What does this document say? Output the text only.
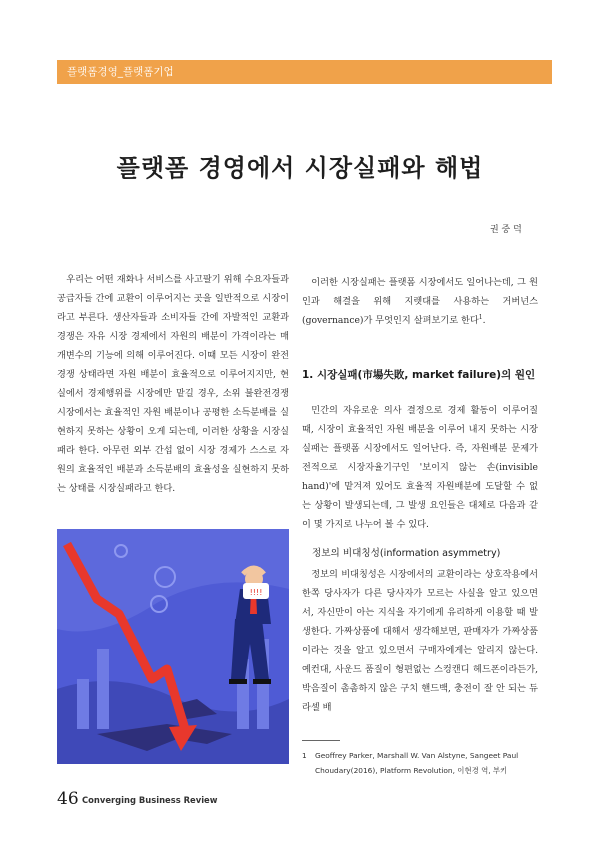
플랫폼경영_플랫폼기업
플랫폼 경영에서 시장실패와 해법
권 중 덕

우리는 어떤 재화나 서비스를 사고팔기 위해 수요자들과 공급자들 간에 교환이 이루어지는 곳을 일반적으로 시장이라고 부른다. 생산자들과 소비자들 간에 자발적인 교환과 경쟁은 자유 시장 경제에서 자원의 배분이 가격이라는 매개변수의 기능에 의해 이루어진다. 이때 모든 시장이 완전경쟁 상태라면 자원 배분이 효율적으로 이루어지지만, 현실에서 경제행위를 시장에만 맡길 경우, 소위 불완전경쟁 시장에서는 효율적인 자원 배분이나 공평한 소득분배를 실현하지 못하는 상황이 오게 되는데, 이러한 상황을 시장실패라 한다. 아무런 외부 간섭 없이 시장 경제가 스스로 자원의 효율적인 배분과 소득분배의 효율성을 실현하지 못하는 상태를 시장실패라고 한다.

이러한 시장실패는 플랫폼 시장에서도 일어나는데, 그 원인과 해결을 위해 지렛대를 사용하는 거버넌스(governance)가 무엇인지 살펴보기로 한다$^1$.

1. 시장실패(市場失敗, market failure)의 원인

민간의 자유로운 의사 결정으로 경제 활동이 이루어질 때, 시장이 효율적인 자원 배분을 이루어 내지 못하는 시장실패는 플랫폼 시장에서도 일어난다. 즉, 자원배분 문제가 전적으로 시장자율기구인 '보이지 않는 손(invisible hand)'에 맡겨져 있어도 효율적 자원배분에 도달할 수 없는 상황이 발생되는데, 그 발생 요인들은 대체로 다음과 같이 몇 가지로 나누어 볼 수 있다.

정보의 비대칭성(information asymmetry)

정보의 비대칭성은 시장에서의 교환이라는 상호작용에서 한쪽 당사자가 다른 당사자가 모르는 사실을 알고 있으면서, 자신만이 아는 지식을 자기에게 유리하게 이용할 때 발생한다. 가짜상품에 대해서 생각해보면, 판매자가 가짜상품이라는 것을 알고 있으면서 구매자에게는 알리지 않는다. 예컨대, 사운드 품질이 형편없는 스컹캔디 헤드폰이라든가, 박음질이 촘촘하지 않은 구치 핸드백, 충전이 잘 안 되는 듀라셀 배

!!!!
1 Geoffrey Parker, Marshall W. Van Alstyne, Sangeet Paul Choudary(2016), Platform Revolution, 이현경 역, 부키
46 Converging Business Review
